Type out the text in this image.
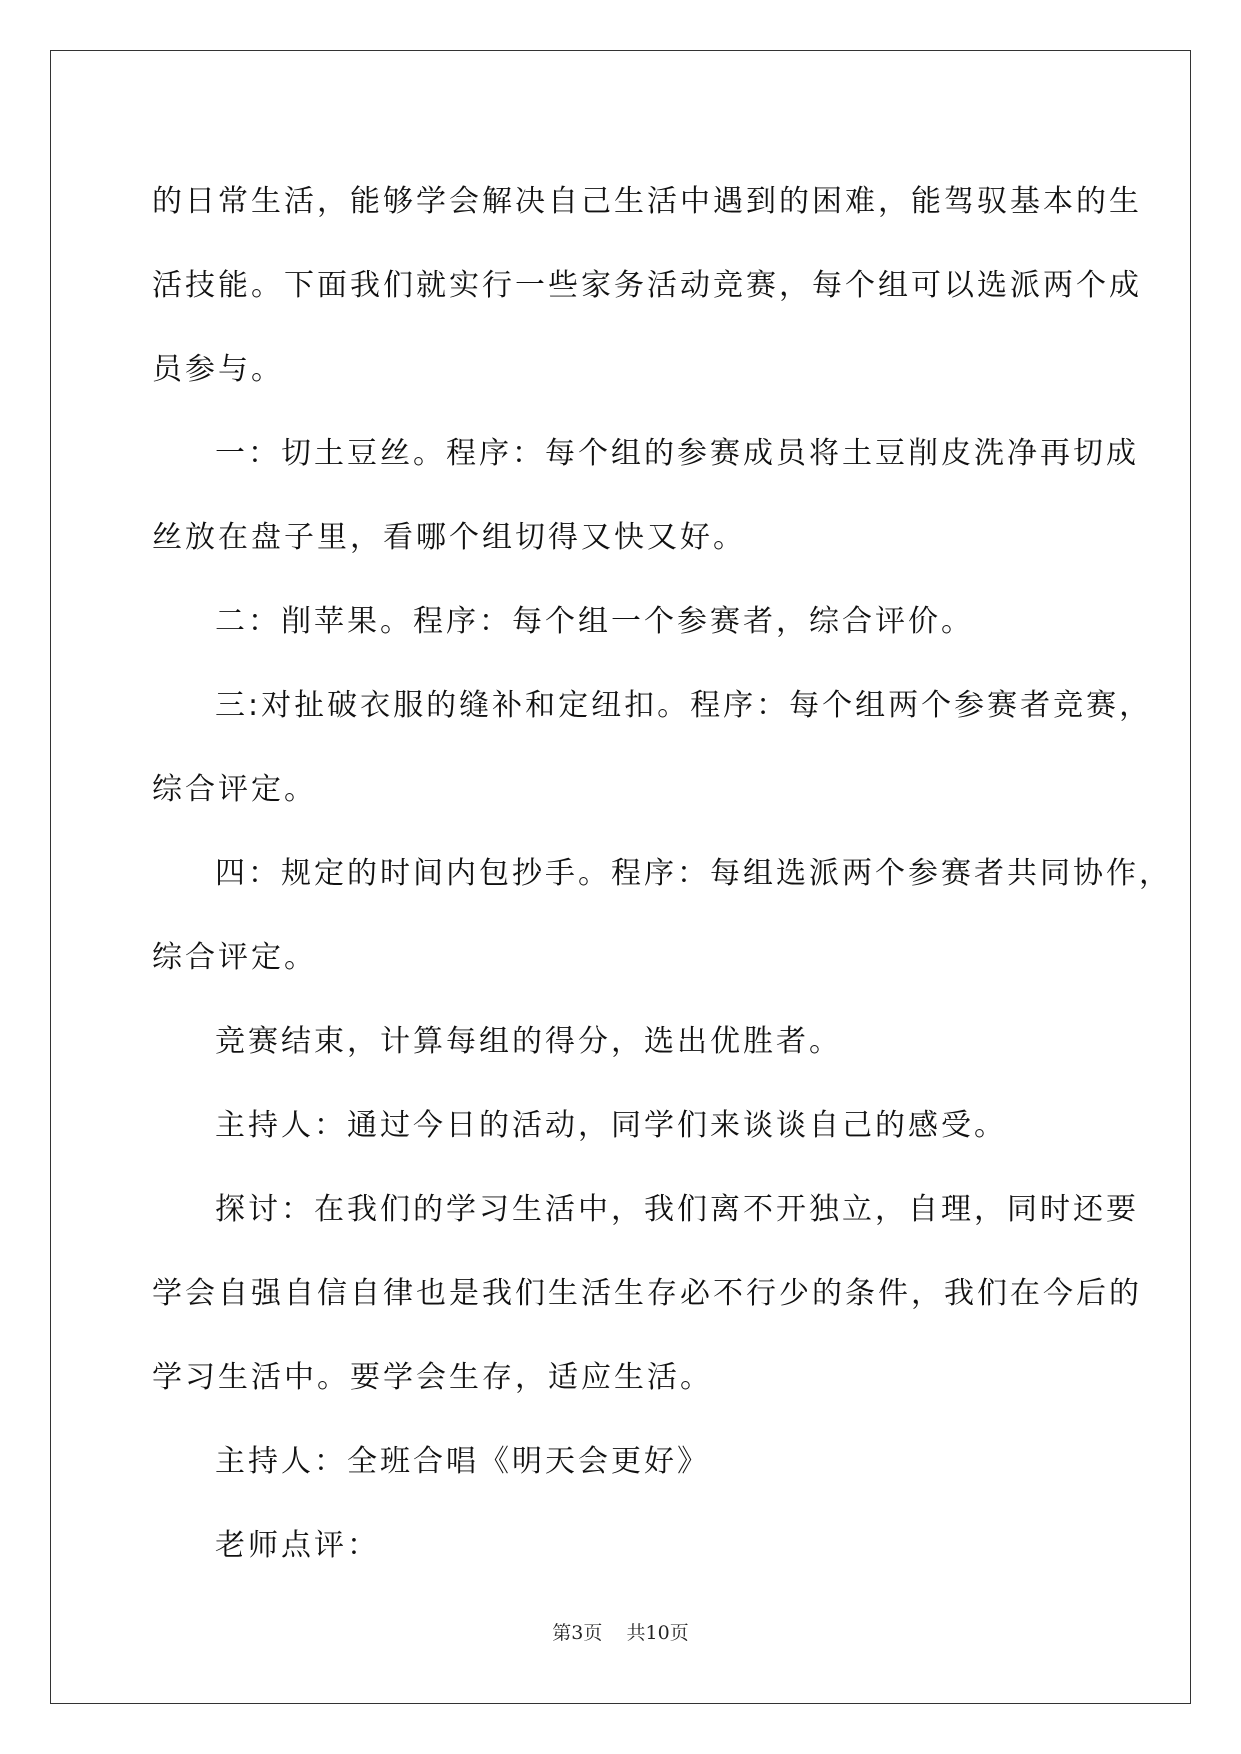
的日常生活，能够学会解决自己生活中遇到的困难，能驾驭基本的生

活技能。下面我们就实行一些家务活动竞赛，每个组可以选派两个成

员参与。

一：切土豆丝。程序：每个组的参赛成员将土豆削皮洗净再切成

丝放在盘子里，看哪个组切得又快又好。

二：削苹果。程序：每个组一个参赛者，综合评价。

三:对扯破衣服的缝补和定纽扣。程序：每个组两个参赛者竞赛，

综合评定。

四：规定的时间内包抄手。程序：每组选派两个参赛者共同协作，

综合评定。

竞赛结束，计算每组的得分，选出优胜者。

主持人：通过今日的活动，同学们来谈谈自己的感受。

探讨：在我们的学习生活中，我们离不开独立，自理，同时还要

学会自强自信自律也是我们生活生存必不行少的条件，我们在今后的

学习生活中。要学会生存，适应生活。

主持人：全班合唱《明天会更好》

老师点评：

第3页 共10页
